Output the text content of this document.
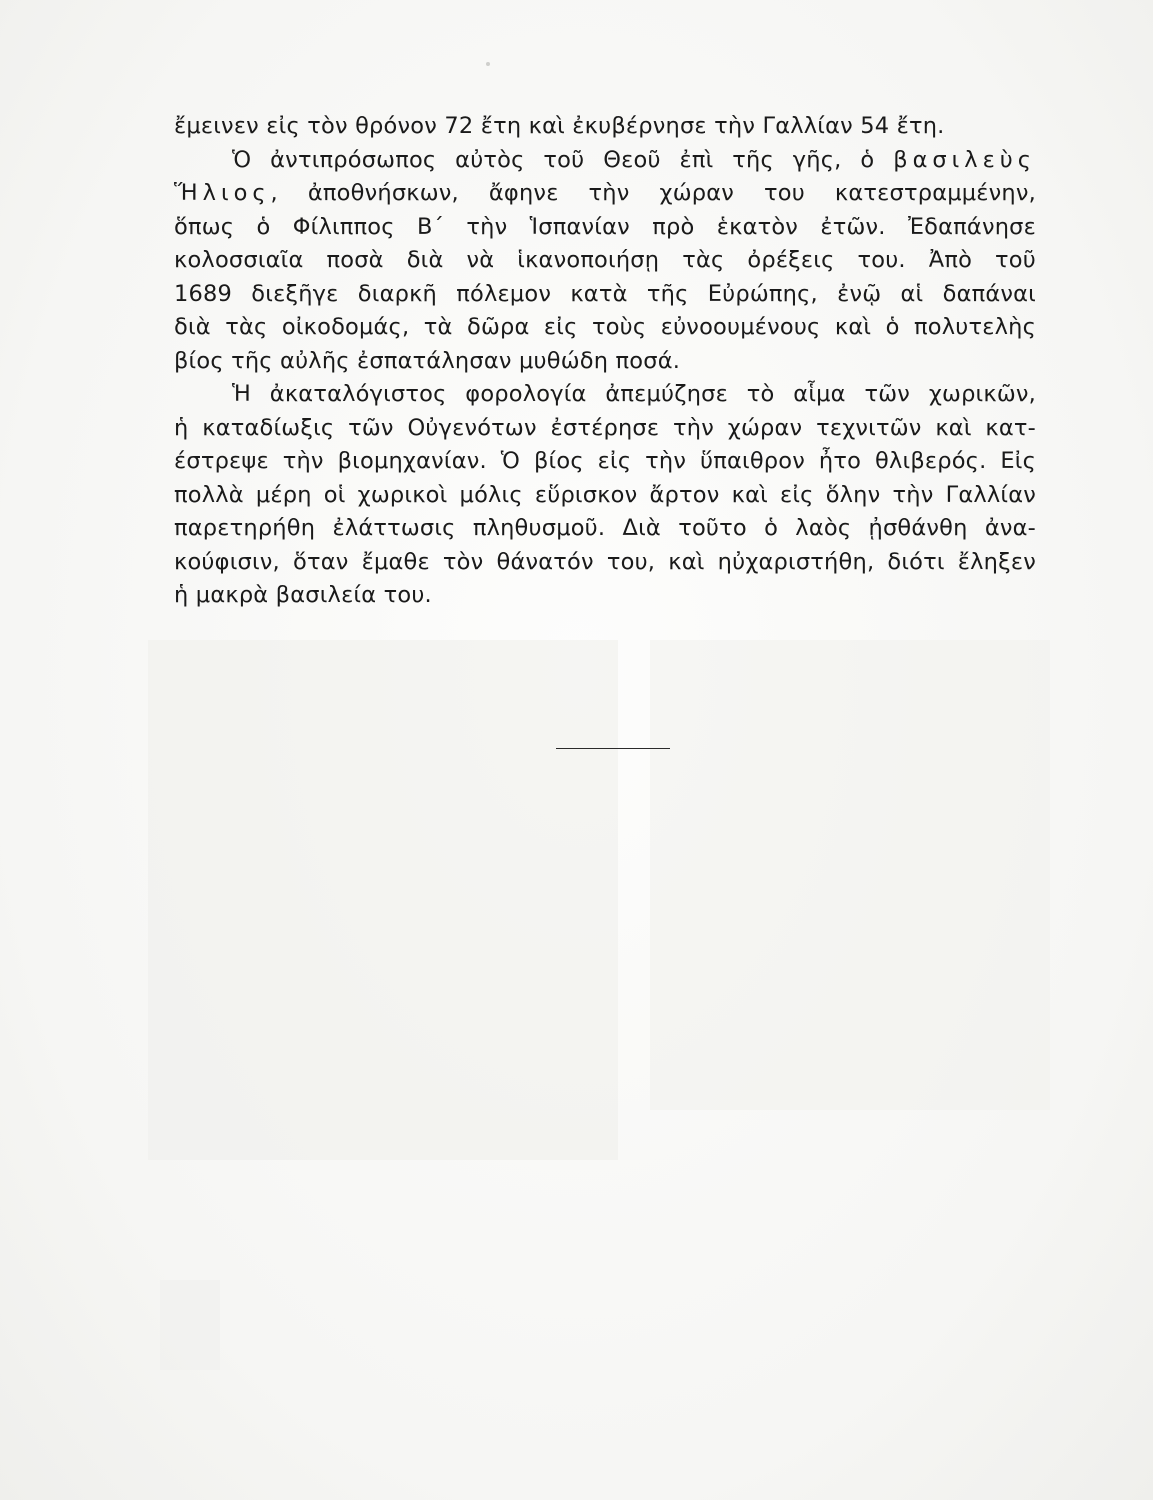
ἔμεινεν εἰς τὸν θρόνον 72 ἔτη καὶ ἐκυβέρνησε τὴν Γαλλίαν 54 ἔτη.
Ὁ ἀντιπρόσωπος αὐτὸς τοῦ Θεοῦ ἐπὶ τῆς γῆς, ὁ βασιλεὺς
Ἥλιος, ἀποθνήσκων, ἄφηνε τὴν χώραν του κατεστραμμένην,
ὅπως ὁ Φίλιππος Β΄ τὴν Ἱσπανίαν πρὸ ἑκατὸν ἐτῶν. Ἐδαπάνησε
κολοσσιαῖα ποσὰ διὰ νὰ ἱκανοποιήσῃ τὰς ὀρέξεις του. Ἀπὸ τοῦ
1689 διεξῆγε διαρκῆ πόλεμον κατὰ τῆς Εὐρώπης, ἐνῷ αἱ δαπάναι
διὰ τὰς οἰκοδομάς, τὰ δῶρα εἰς τοὺς εὐνοουμένους καὶ ὁ πολυτελὴς
βίος τῆς αὐλῆς ἐσπατάλησαν μυθώδη ποσά.
Ἡ ἀκαταλόγιστος φορολογία ἀπεμύζησε τὸ αἷμα τῶν χωρικῶν,
ἡ καταδίωξις τῶν Οὐγενότων ἐστέρησε τὴν χώραν τεχνιτῶν καὶ κατ-
έστρεψε τὴν βιομηχανίαν. Ὁ βίος εἰς τὴν ὕπαιθρον ἦτο θλιβερός. Εἰς
πολλὰ μέρη οἱ χωρικοὶ μόλις εὕρισκον ἄρτον καὶ εἰς ὅλην τὴν Γαλλίαν
παρετηρήθη ἐλάττωσις πληθυσμοῦ. Διὰ τοῦτο ὁ λαὸς ᾐσθάνθη ἀνα-
κούφισιν, ὅταν ἔμαθε τὸν θάνατόν του, καὶ ηὐχαριστήθη, διότι ἔληξεν
ἡ μακρὰ βασιλεία του.
